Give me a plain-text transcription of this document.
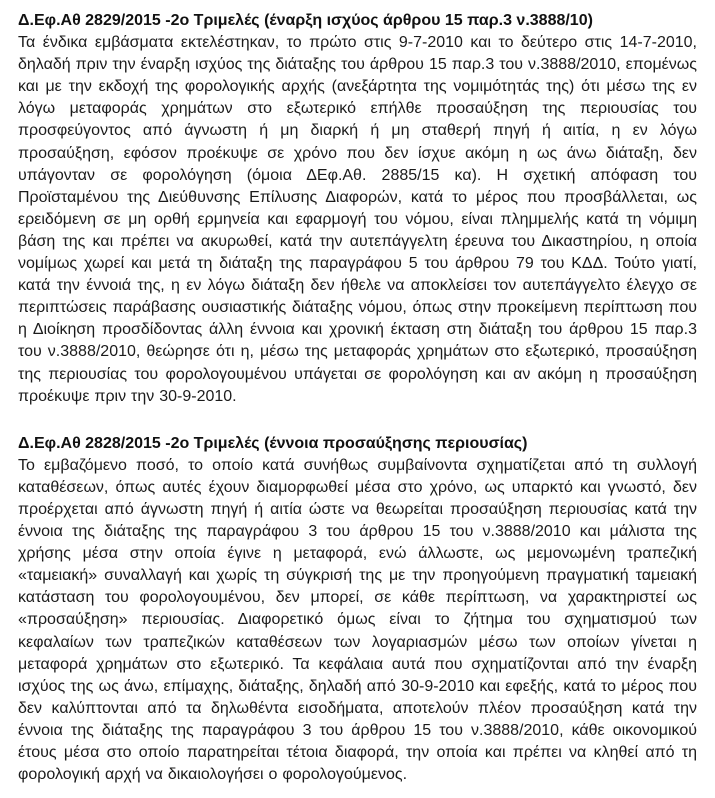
Δ.Εφ.Αθ 2829/2015 -2ο Τριμελές (έναρξη ισχύος άρθρου 15 παρ.3 ν.3888/10)

Τα ένδικα εμβάσματα εκτελέστηκαν, το πρώτο στις 9-7-2010 και το δεύτερο στις 14-7-2010, δηλαδή πριν την έναρξη ισχύος της διάταξης του άρθρου 15 παρ.3 του ν.3888/2010, επομένως και με την εκδοχή της φορολογικής αρχής (ανεξάρτητα της νομιμότητάς της) ότι μέσω της εν λόγω μεταφοράς χρημάτων στο εξωτερικό επήλθε προσαύξηση της περιουσίας του προσφεύγοντος από άγνωστη ή μη διαρκή ή μη σταθερή πηγή ή αιτία, η εν λόγω προσαύξηση, εφόσον προέκυψε σε χρόνο που δεν ίσχυε ακόμη η ως άνω διάταξη, δεν υπάγονταν σε φορολόγηση (όμοια ΔΕφ.Αθ. 2885/15 κα). Η σχετική απόφαση του Προϊσταμένου της Διεύθυνσης Επίλυσης Διαφορών, κατά το μέρος που προσβάλλεται, ως ερειδόμενη σε μη ορθή ερμηνεία και εφαρμογή του νόμου, είναι πλημμελής κατά τη νόμιμη βάση της και πρέπει να ακυρωθεί, κατά την αυτεπάγγελτη έρευνα του Δικαστηρίου, η οποία νομίμως χωρεί και μετά τη διάταξη της παραγράφου 5 του άρθρου 79 του ΚΔΔ. Τούτο γιατί, κατά την έννοιά της, η εν λόγω διάταξη δεν ήθελε να αποκλείσει τον αυτεπάγγελτο έλεγχο σε περιπτώσεις παράβασης ουσιαστικής διάταξης νόμου, όπως στην προκείμενη περίπτωση που η Διοίκηση προσδίδοντας άλλη έννοια και χρονική έκταση στη διάταξη του άρθρου 15 παρ.3 του ν.3888/2010, θεώρησε ότι η, μέσω της μεταφοράς χρημάτων στο εξωτερικό, προσαύξηση της περιουσίας του φορολογουμένου υπάγεται σε φορολόγηση και αν ακόμη η προσαύξηση προέκυψε πριν την 30-9-2010.

Δ.Εφ.Αθ 2828/2015 -2ο Τριμελές (έννοια προσαύξησης περιουσίας)

Το εμβαζόμενο ποσό, το οποίο κατά συνήθως συμβαίνοντα σχηματίζεται από τη συλλογή καταθέσεων, όπως αυτές έχουν διαμορφωθεί μέσα στο χρόνο, ως υπαρκτό και γνωστό, δεν προέρχεται από άγνωστη πηγή ή αιτία ώστε να θεωρείται προσαύξηση περιουσίας κατά την έννοια της διάταξης της παραγράφου 3 του άρθρου 15 του ν.3888/2010 και μάλιστα της χρήσης μέσα στην οποία έγινε η μεταφορά, ενώ άλλωστε, ως μεμονωμένη τραπεζική «ταμειακή» συναλλαγή και χωρίς τη σύγκρισή της με την προηγούμενη πραγματική ταμειακή κατάσταση του φορολογουμένου, δεν μπορεί, σε κάθε περίπτωση, να χαρακτηριστεί ως «προσαύξηση» περιουσίας. Διαφορετικό όμως είναι το ζήτημα του σχηματισμού των κεφαλαίων των τραπεζικών καταθέσεων των λογαριασμών μέσω των οποίων γίνεται η μεταφορά χρημάτων στο εξωτερικό. Τα κεφάλαια αυτά που σχηματίζονται από την έναρξη ισχύος της ως άνω, επίμαχης, διάταξης, δηλαδή από 30-9-2010 και εφεξής, κατά το μέρος που δεν καλύπτονται από τα δηλωθέντα εισοδήματα, αποτελούν πλέον προσαύξηση κατά την έννοια της διάταξης της παραγράφου 3 του άρθρου 15 του ν.3888/2010, κάθε οικονομικού έτους μέσα στο οποίο παρατηρείται τέτοια διαφορά, την οποία και πρέπει να κληθεί από τη φορολογική αρχή να δικαιολογήσει ο φορολογούμενος.
